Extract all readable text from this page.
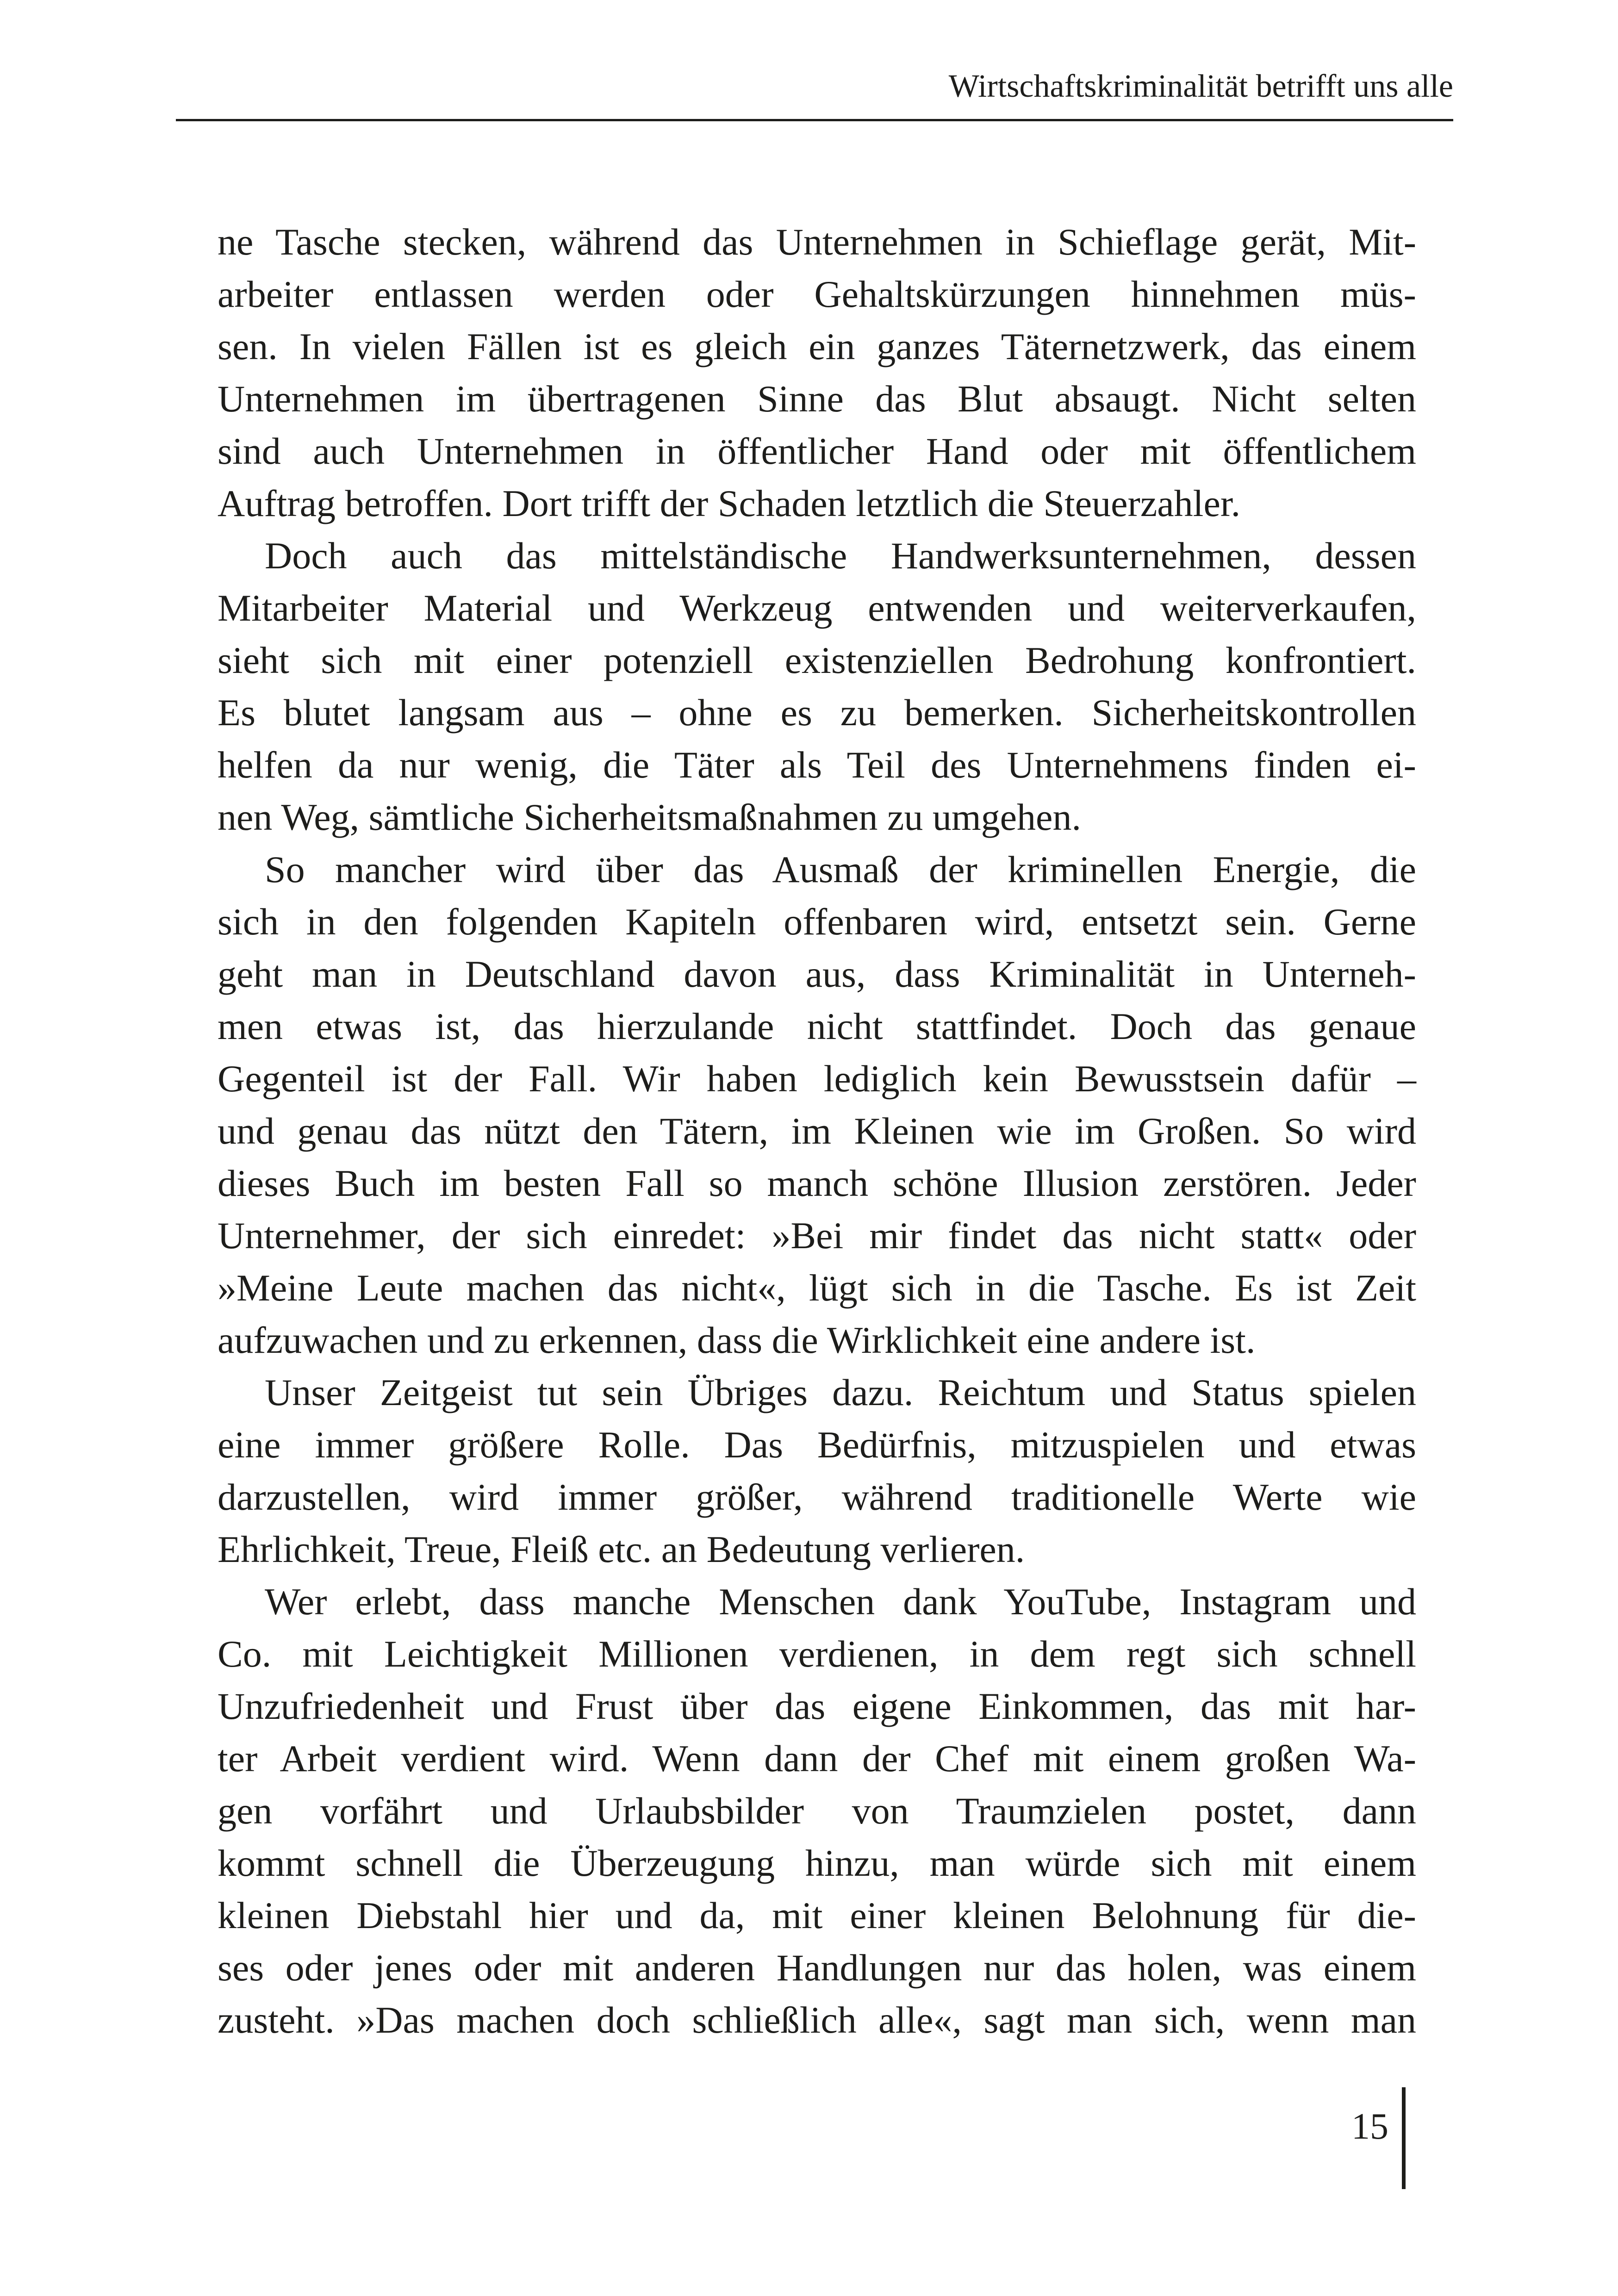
Wirtschaftskriminalität betrifft uns alle
ne Tasche stecken, während das Unternehmen in Schieflage gerät, Mit-
arbeiter entlassen werden oder Gehaltskürzungen hinnehmen müs-
sen. In vielen Fällen ist es gleich ein ganzes Täternetzwerk, das einem
Unternehmen im übertragenen Sinne das Blut absaugt. Nicht selten
sind auch Unternehmen in öffentlicher Hand oder mit öffentlichem
Auftrag betroffen. Dort trifft der Schaden letztlich die Steuerzahler.
Doch auch das mittelständische Handwerksunternehmen, dessen
Mitarbeiter Material und Werkzeug entwenden und weiterverkaufen,
sieht sich mit einer potenziell existenziellen Bedrohung konfrontiert.
Es blutet langsam aus – ohne es zu bemerken. Sicherheitskontrollen
helfen da nur wenig, die Täter als Teil des Unternehmens finden ei-
nen Weg, sämtliche Sicherheitsmaßnahmen zu umgehen.
So mancher wird über das Ausmaß der kriminellen Energie, die
sich in den folgenden Kapiteln offenbaren wird, entsetzt sein. Gerne
geht man in Deutschland davon aus, dass Kriminalität in Unterneh-
men etwas ist, das hierzulande nicht stattfindet. Doch das genaue
Gegenteil ist der Fall. Wir haben lediglich kein Bewusstsein dafür –
und genau das nützt den Tätern, im Kleinen wie im Großen. So wird
dieses Buch im besten Fall so manch schöne Illusion zerstören. Jeder
Unternehmer, der sich einredet: »Bei mir findet das nicht statt« oder
»Meine Leute machen das nicht«, lügt sich in die Tasche. Es ist Zeit
aufzuwachen und zu erkennen, dass die Wirklichkeit eine andere ist.
Unser Zeitgeist tut sein Übriges dazu. Reichtum und Status spielen
eine immer größere Rolle. Das Bedürfnis, mitzuspielen und etwas
darzustellen, wird immer größer, während traditionelle Werte wie
Ehrlichkeit, Treue, Fleiß etc. an Bedeutung verlieren.
Wer erlebt, dass manche Menschen dank YouTube, Instagram und
Co. mit Leichtigkeit Millionen verdienen, in dem regt sich schnell
Unzufriedenheit und Frust über das eigene Einkommen, das mit har-
ter Arbeit verdient wird. Wenn dann der Chef mit einem großen Wa-
gen vorfährt und Urlaubsbilder von Traumzielen postet, dann
kommt schnell die Überzeugung hinzu, man würde sich mit einem
kleinen Diebstahl hier und da, mit einer kleinen Belohnung für die-
ses oder jenes oder mit anderen Handlungen nur das holen, was einem
zusteht. »Das machen doch schließlich alle«, sagt man sich, wenn man
15
